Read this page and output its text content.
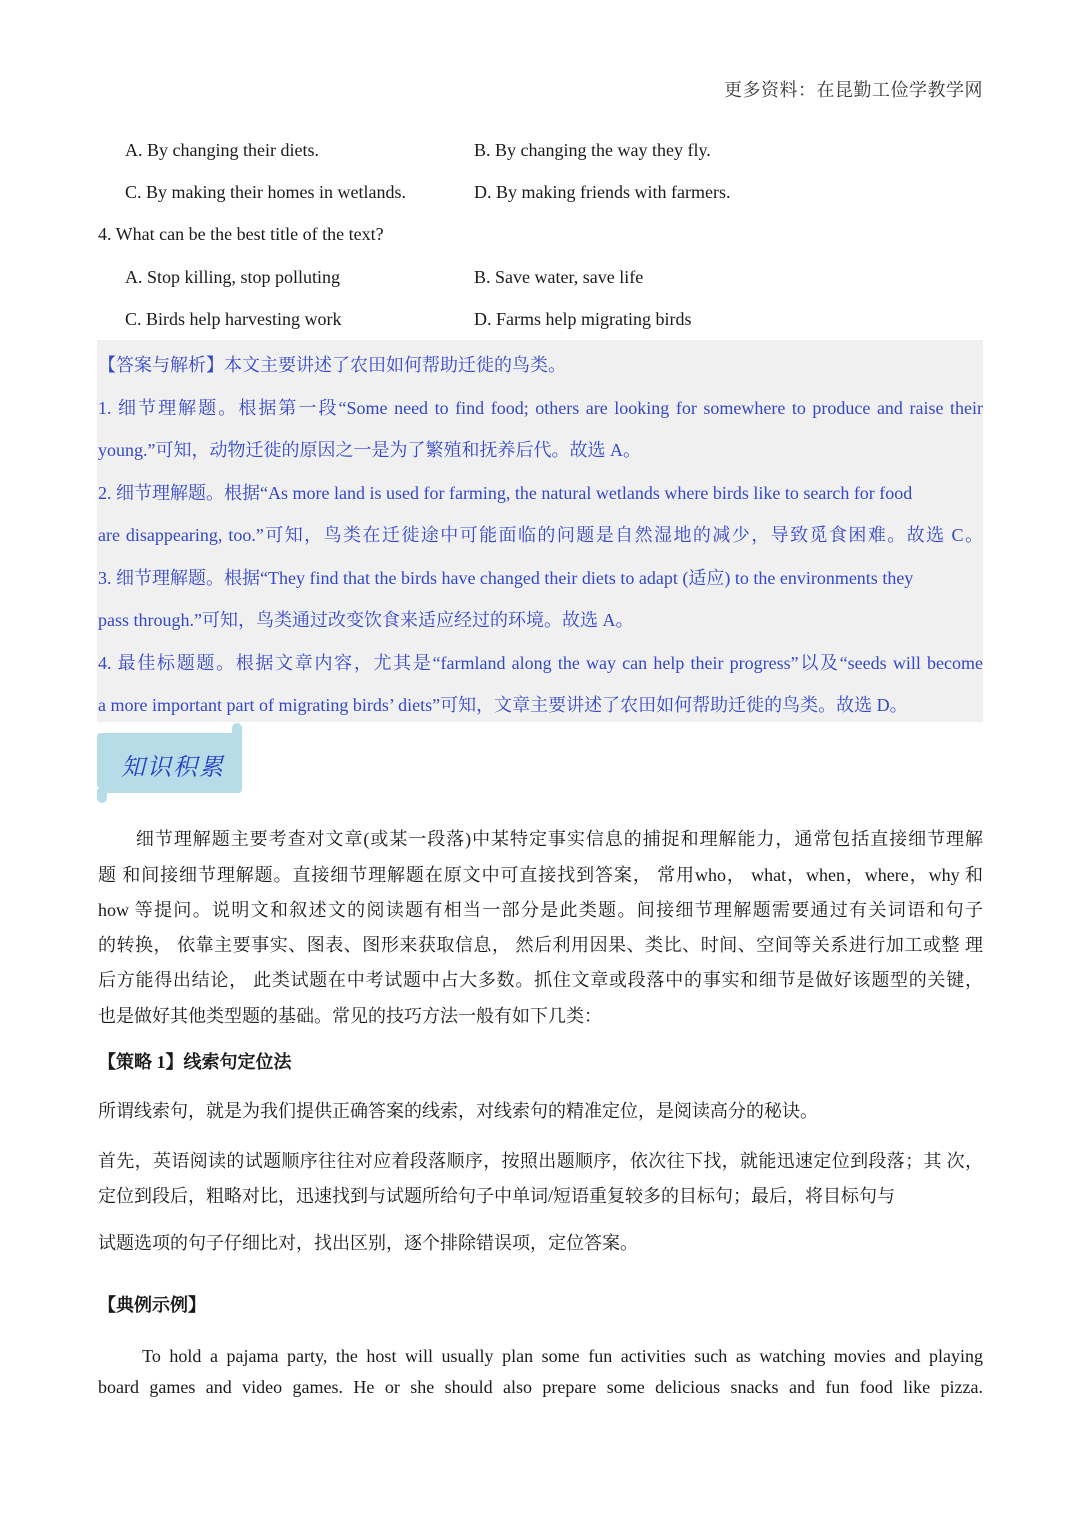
更多资料：在昆勤工俭学教学网
A. By changing their diets.	B. By changing the way they fly.
C. By making their homes in wetlands.	D. By making friends with farmers.
4. What can be the best title of the text?
A. Stop killing, stop polluting	B. Save water, save life
C. Birds help harvesting work	D. Farms help migrating birds
【答案与解析】本文主要讲述了农田如何帮助迁徙的鸟类。
1. 细节理解题。根据第一段“Some need to find food; others are looking for somewhere to produce and raise their
young.”可知，动物迁徙的原因之一是为了繁殖和抚养后代。故选 A。
2. 细节理解题。根据“As more land is used for farming, the natural wetlands where birds like to search for food
are disappearing, too.”可知，鸟类在迁徙途中可能面临的问题是自然湿地的减少，导致觅食困难。故选 C。
3. 细节理解题。根据“They find that the birds have changed their diets to adapt (适应) to the environments they
pass through.”可知，鸟类通过改变饮食来适应经过的环境。故选 A。
4. 最佳标题题。根据文章内容，尤其是“farmland along the way can help their progress”以及“seeds will become
a more important part of migrating birds’ diets”可知，文章主要讲述了农田如何帮助迁徙的鸟类。故选 D。
知识积累
　　细节理解题主要考查对文章(或某一段落)中某特定事实信息的捕捉和理解能力，通常包括直接细节理解
题 和间接细节理解题。直接细节理解题在原文中可直接找到答案， 常用who， what，when，where，why 和
how 等提问。说明文和叙述文的阅读题有相当一部分是此类题。间接细节理解题需要通过有关词语和句子
的转换， 依靠主要事实、图表、图形来获取信息， 然后利用因果、类比、时间、空间等关系进行加工或整 理
后方能得出结论， 此类试题在中考试题中占大多数。抓住文章或段落中的事实和细节是做好该题型的关键，
也是做好其他类型题的基础。常见的技巧方法一般有如下几类：
【策略 1】线索句定位法
所谓线索句，就是为我们提供正确答案的线索，对线索句的精准定位，是阅读高分的秘诀。
首先，英语阅读的试题顺序往往对应着段落顺序，按照出题顺序，依次往下找，就能迅速定位到段落；其 次，
定位到段后，粗略对比，迅速找到与试题所给句子中单词/短语重复较多的目标句；最后，将目标句与
试题选项的句子仔细比对，找出区别，逐个排除错误项，定位答案。
【典例示例】
　　To hold a pajama party, the host will usually plan some fun activities such as watching movies and playing
board games and video games. He or she should also prepare some delicious snacks and fun food like pizza.
